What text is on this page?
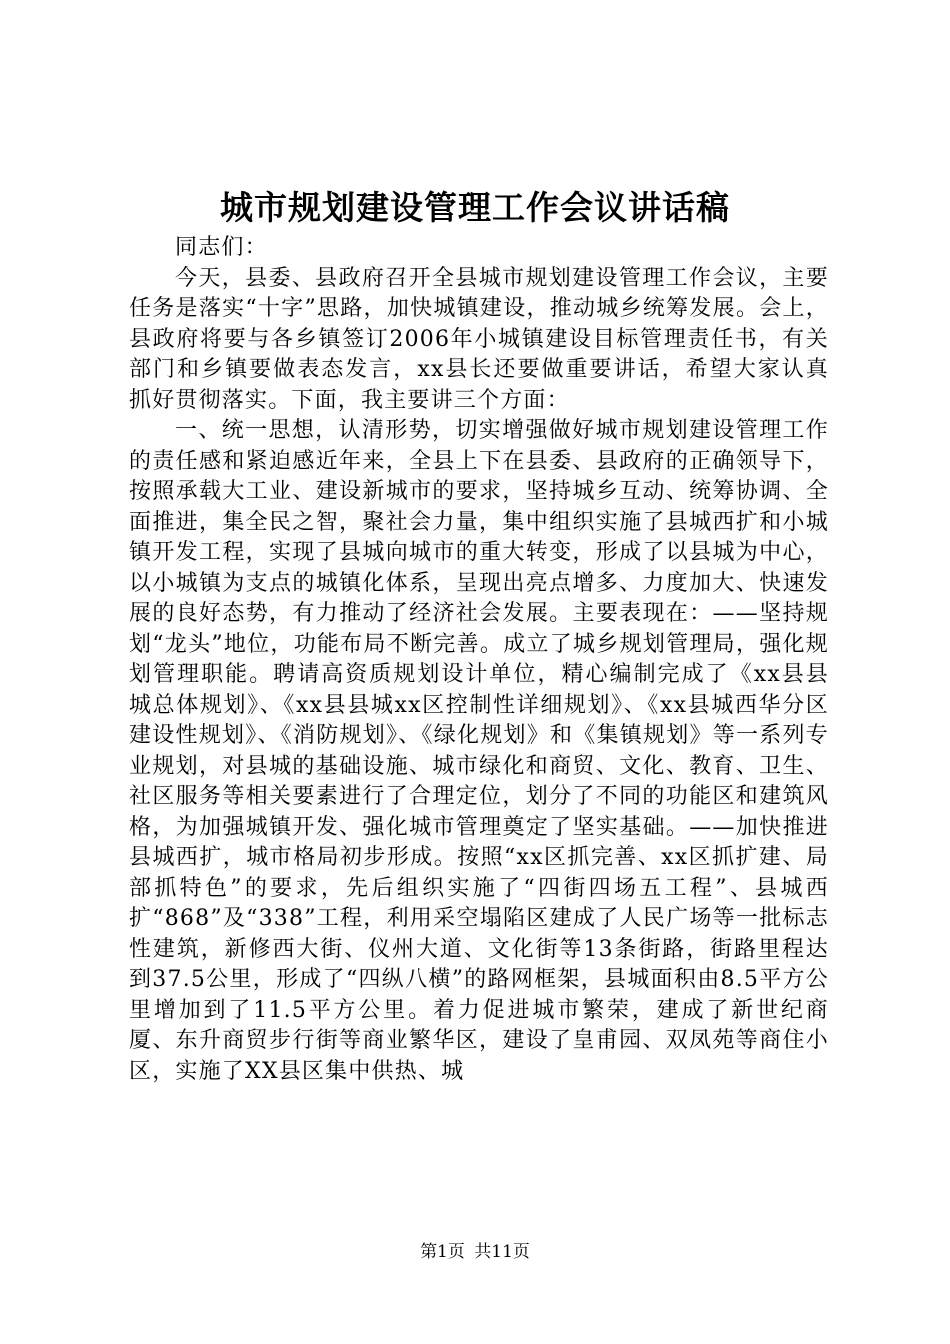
城市规划建设管理工作会议讲话稿

同志们：

今天，县委、县政府召开全县城市规划建设管理工作会议，主要任务是落实“十字”思路，加快城镇建设，推动城乡统筹发展。会上，县政府将要与各乡镇签订2006年小城镇建设目标管理责任书，有关部门和乡镇要做表态发言，xx县长还要做重要讲话，希望大家认真抓好贯彻落实。下面，我主要讲三个方面：

一、统一思想，认清形势，切实增强做好城市规划建设管理工作的责任感和紧迫感近年来，全县上下在县委、县政府的正确领导下，按照承载大工业、建设新城市的要求，坚持城乡互动、统筹协调、全面推进，集全民之智，聚社会力量，集中组织实施了县城西扩和小城镇开发工程，实现了县城向城市的重大转变，形成了以县城为中心，以小城镇为支点的城镇化体系，呈现出亮点增多、力度加大、快速发展的良好态势，有力推动了经济社会发展。主要表现在：——坚持规划“龙头”地位，功能布局不断完善。成立了城乡规划管理局，强化规划管理职能。聘请高资质规划设计单位，精心编制完成了《xx县县城总体规划》、《xx县县城xx区控制性详细规划》、《xx县城西华分区建设性规划》、《消防规划》、《绿化规划》和《集镇规划》等一系列专业规划，对县城的基础设施、城市绿化和商贸、文化、教育、卫生、社区服务等相关要素进行了合理定位，划分了不同的功能区和建筑风格，为加强城镇开发、强化城市管理奠定了坚实基础。——加快推进县城西扩，城市格局初步形成。按照“xx区抓完善、xx区抓扩建、局部抓特色”的要求，先后组织实施了“四街四场五工程”、县城西扩“868”及“338”工程，利用采空塌陷区建成了人民广场等一批标志性建筑，新修西大街、仪州大道、文化街等13条街路，街路里程达到37.5公里，形成了“四纵八横”的路网框架，县城面积由8.5平方公里增加到了11.5平方公里。着力促进城市繁荣，建成了新世纪商厦、东升商贸步行街等商业繁华区，建设了皇甫园、双凤苑等商住小区，实施了XX县区集中供热、城

第1页 共11页
